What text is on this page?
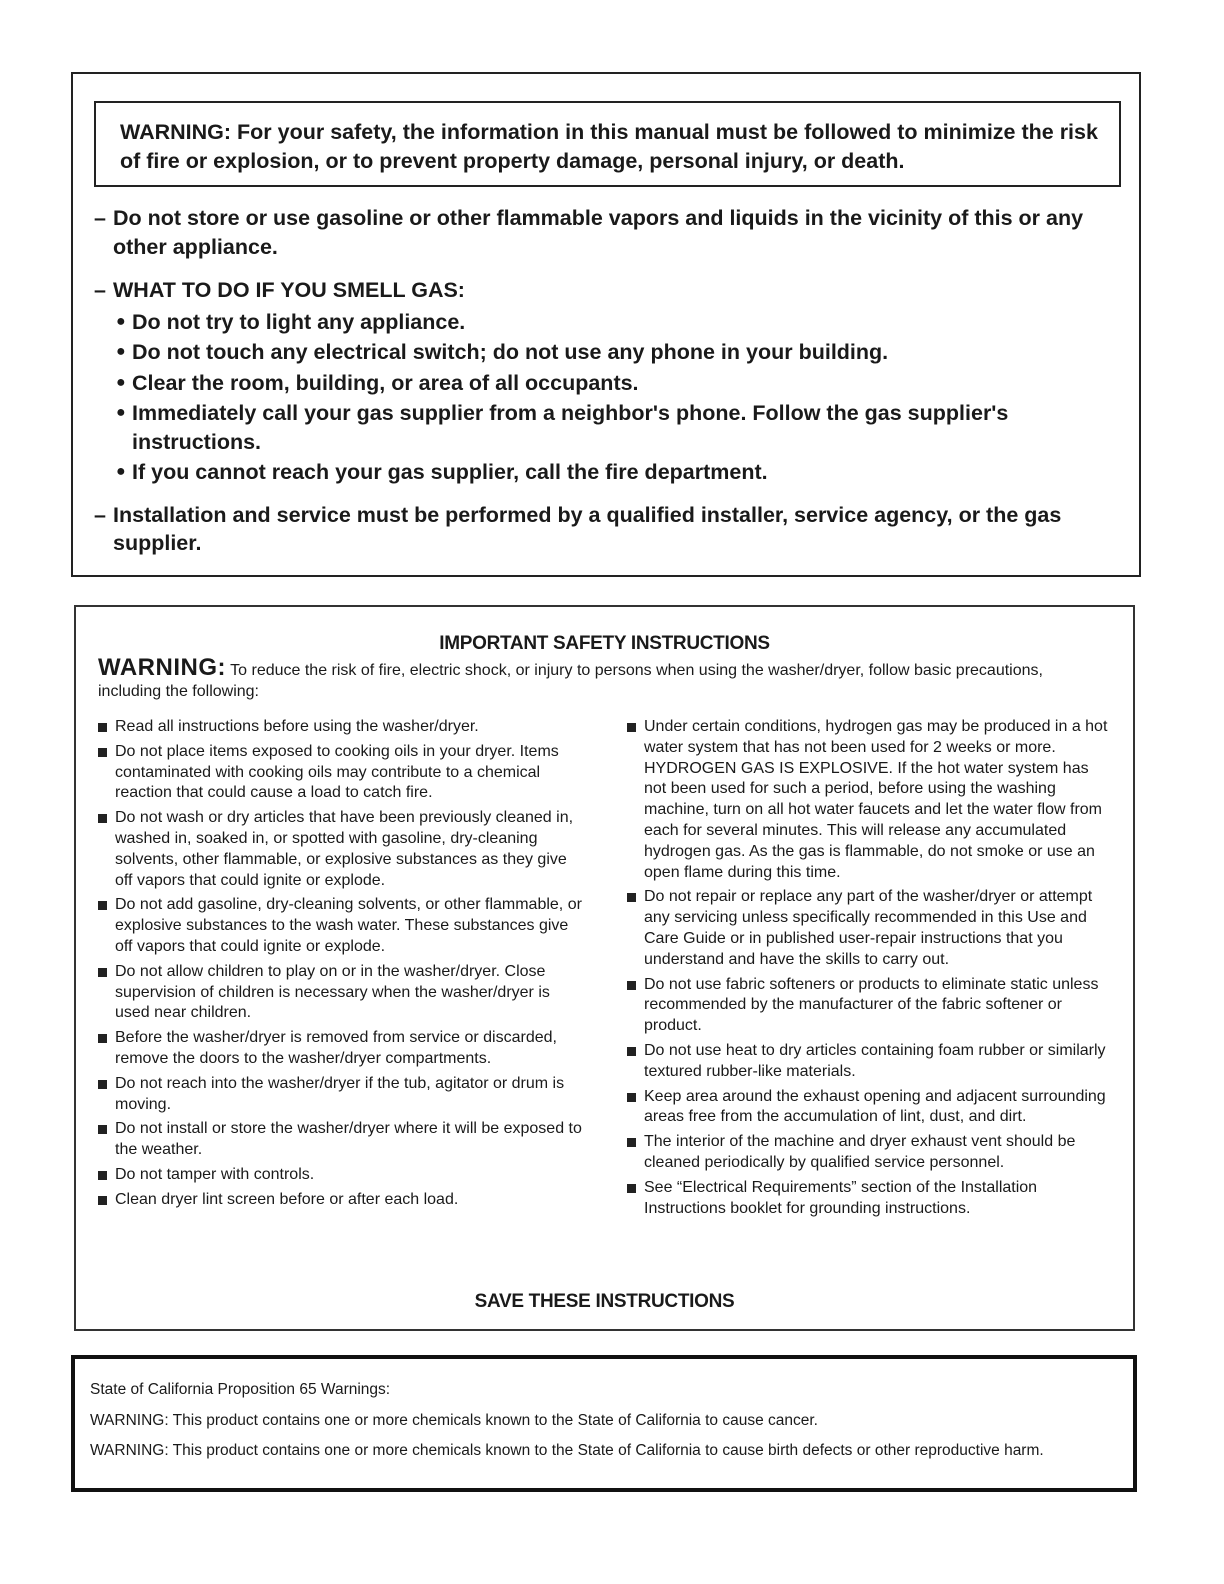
WARNING: For your safety, the information in this manual must be followed to minimize the risk of fire or explosion, or to prevent property damage, personal injury, or death.
– Do not store or use gasoline or other flammable vapors and liquids in the vicinity of this or any other appliance.
– WHAT TO DO IF YOU SMELL GAS:
● Do not try to light any appliance.
● Do not touch any electrical switch; do not use any phone in your building.
● Clear the room, building, or area of all occupants.
● Immediately call your gas supplier from a neighbor's phone. Follow the gas supplier's instructions.
● If you cannot reach your gas supplier, call the fire department.
– Installation and service must be performed by a qualified installer, service agency, or the gas supplier.
IMPORTANT SAFETY INSTRUCTIONS
WARNING: To reduce the risk of fire, electric shock, or injury to persons when using the washer/dryer, follow basic precautions, including the following:
Read all instructions before using the washer/dryer.
Do not place items exposed to cooking oils in your dryer. Items contaminated with cooking oils may contribute to a chemical reaction that could cause a load to catch fire.
Do not wash or dry articles that have been previously cleaned in, washed in, soaked in, or spotted with gasoline, dry-cleaning solvents, other flammable, or explosive substances as they give off vapors that could ignite or explode.
Do not add gasoline, dry-cleaning solvents, or other flammable, or explosive substances to the wash water. These substances give off vapors that could ignite or explode.
Do not allow children to play on or in the washer/dryer. Close supervision of children is necessary when the washer/dryer is used near children.
Before the washer/dryer is removed from service or discarded, remove the doors to the washer/dryer compartments.
Do not reach into the washer/dryer if the tub, agitator or drum is moving.
Do not install or store the washer/dryer where it will be exposed to the weather.
Do not tamper with controls.
Clean dryer lint screen before or after each load.
Under certain conditions, hydrogen gas may be produced in a hot water system that has not been used for 2 weeks or more. HYDROGEN GAS IS EXPLOSIVE. If the hot water system has not been used for such a period, before using the washing machine, turn on all hot water faucets and let the water flow from each for several minutes. This will release any accumulated hydrogen gas. As the gas is flammable, do not smoke or use an open flame during this time.
Do not repair or replace any part of the washer/dryer or attempt any servicing unless specifically recommended in this Use and Care Guide or in published user-repair instructions that you understand and have the skills to carry out.
Do not use fabric softeners or products to eliminate static unless recommended by the manufacturer of the fabric softener or product.
Do not use heat to dry articles containing foam rubber or similarly textured rubber-like materials.
Keep area around the exhaust opening and adjacent surrounding areas free from the accumulation of lint, dust, and dirt.
The interior of the machine and dryer exhaust vent should be cleaned periodically by qualified service personnel.
See “Electrical Requirements” section of the Installation Instructions booklet for grounding instructions.
SAVE THESE INSTRUCTIONS

State of California Proposition 65 Warnings:

WARNING: This product contains one or more chemicals known to the State of California to cause cancer.

WARNING: This product contains one or more chemicals known to the State of California to cause birth defects or other reproductive harm.
